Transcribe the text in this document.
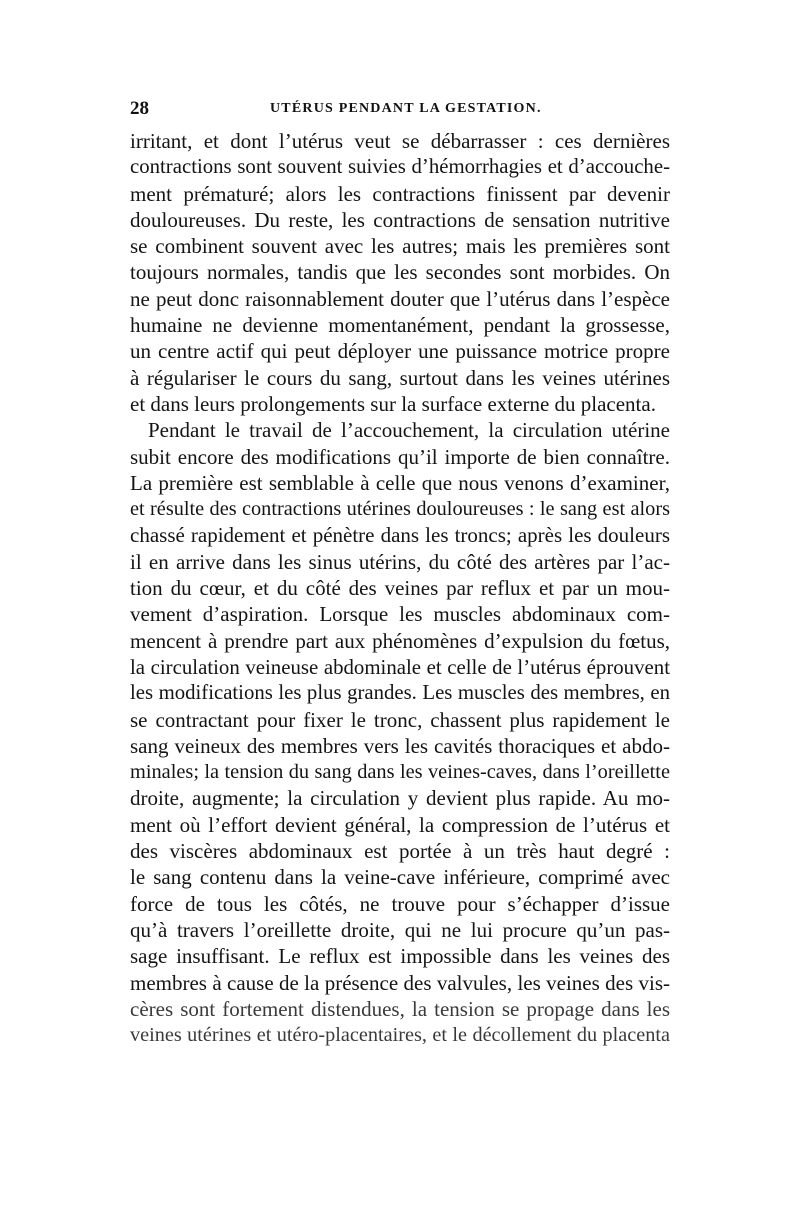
28	UTÉRUS PENDANT LA GESTATION.
irritant, et dont l’utérus veut se débarrasser : ces dernières
contractions sont souvent suivies d’hémorrhagies et d’accouche-
ment prématuré; alors les contractions finissent par devenir
douloureuses. Du reste, les contractions de sensation nutritive
se combinent souvent avec les autres; mais les premières sont
toujours normales, tandis que les secondes sont morbides. On
ne peut donc raisonnablement douter que l’utérus dans l’espèce
humaine ne devienne momentanément, pendant la grossesse,
un centre actif qui peut déployer une puissance motrice propre
à régulariser le cours du sang, surtout dans les veines utérines
et dans leurs prolongements sur la surface externe du placenta.
Pendant le travail de l’accouchement, la circulation utérine
subit encore des modifications qu’il importe de bien connaître.
La première est semblable à celle que nous venons d’examiner,
et résulte des contractions utérines douloureuses : le sang est alors
chassé rapidement et pénètre dans les troncs; après les douleurs
il en arrive dans les sinus utérins, du côté des artères par l’ac-
tion du cœur, et du côté des veines par reflux et par un mou-
vement d’aspiration. Lorsque les muscles abdominaux com-
mencent à prendre part aux phénomènes d’expulsion du fœtus,
la circulation veineuse abdominale et celle de l’utérus éprouvent
les modifications les plus grandes. Les muscles des membres, en
se contractant pour fixer le tronc, chassent plus rapidement le
sang veineux des membres vers les cavités thoraciques et abdo-
minales; la tension du sang dans les veines-caves, dans l’oreillette
droite, augmente; la circulation y devient plus rapide. Au mo-
ment où l’effort devient général, la compression de l’utérus et
des viscères abdominaux est portée à un très haut degré :
le sang contenu dans la veine-cave inférieure, comprimé avec
force de tous les côtés, ne trouve pour s’échapper d’issue
qu’à travers l’oreillette droite, qui ne lui procure qu’un pas-
sage insuffisant. Le reflux est impossible dans les veines des
membres à cause de la présence des valvules, les veines des vis-
cères sont fortement distendues, la tension se propage dans les
veines utérines et utéro-placentaires, et le décollement du placenta
